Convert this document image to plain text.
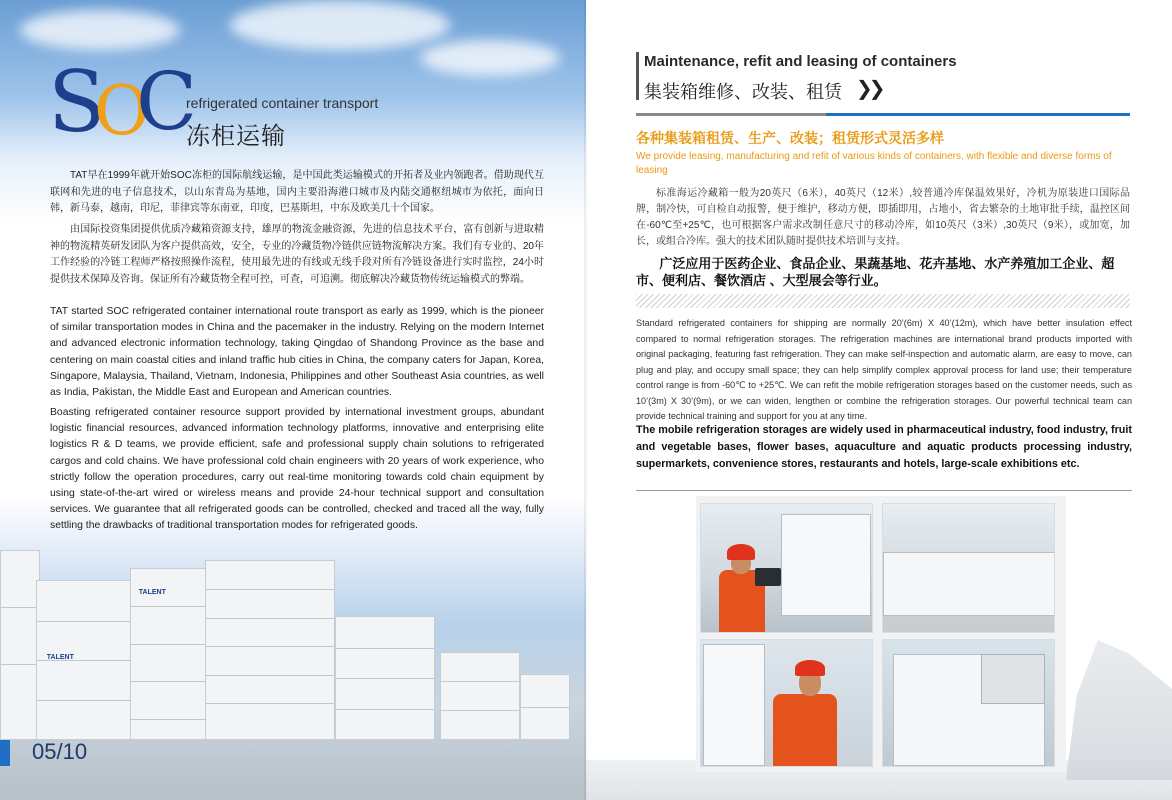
S
O
C
refrigerated container transport
冻柜运输
TAT早在1999年就开始SOC冻柜的国际航线运输，是中国此类运输模式的开拓者及业内领跑者。借助现代互联网和先进的电子信息技术，以山东青岛为基地，国内主要沿海港口城市及内陆交通枢纽城市为依托，面向日韩，新马泰，越南，印尼，菲律宾等东南亚，印度，巴基斯坦，中东及欧美几十个国家。
由国际投资集团提供优质冷藏箱资源支持，雄厚的物流金融资源，先进的信息技术平台，富有创新与进取精神的物流精英研发团队为客户提供高效，安全，专业的冷藏货物冷链供应链物流解决方案。我们有专业的、20年工作经验的冷链工程师严格按照操作流程，使用最先进的有线或无线手段对所有冷链设备进行实时监控，24小时提供技术保障及咨询。保证所有冷藏货物全程可控，可查，可追溯。彻底解决冷藏货物传统运输模式的弊端。
TAT started SOC refrigerated container international route transport as early as 1999, which is the pioneer of similar transportation modes in China and the pacemaker in the industry. Relying on the modern Internet and advanced electronic information technology, taking Qingdao of Shandong Province as the base and centering on main coastal cities and inland traffic hub cities in China, the company caters for Japan, Korea, Singapore, Malaysia, Thailand, Vietnam, Indonesia, Philippines and other Southeast Asia countries, as well as India, Pakistan, the Middle East and European and American countries.
Boasting refrigerated container resource support provided by international investment groups, abundant logistic financial resources, advanced information technology platforms, innovative and enterprising elite logistics R & D teams, we provide efficient, safe and professional supply chain solutions to refrigerated cargos and cold chains. We have professional cold chain engineers with 20 years of work experience, who strictly follow the operation procedures, carry out real-time monitoring towards cold chain equipment by using state-of-the-art wired or wireless means and provide 24-hour technical support and consultation services. We guarantee that all refrigerated goods can be controlled, checked and traced all the way, fully settling the drawbacks of traditional transportation modes for refrigerated goods.
TALENT
TALENT
05/10
Maintenance, refit and leasing of containers
集装箱维修、改装、租赁 ❯❯
各种集装箱租赁、生产、改装；租赁形式灵活多样
We provide leasing, manufacturing and refit of various kinds of containers, with flexible and diverse forms of leasing
标准海运冷藏箱一般为20英尺（6米），40英尺（12米）,较普通冷库保温效果好，冷机为原装进口国际品牌，制冷快，可自检自动报警，便于维护，移动方便，即插即用，占地小，省去繁杂的土地审批手续，温控区间在-60℃至+25℃，也可根据客户需求改制任意尺寸的移动冷库，如10英尺（3米）,30英尺（9米），或加宽，加长，或组合冷库。强大的技术团队随时提供技术培训与支持。
广泛应用于医药企业、食品企业、果蔬基地、花卉基地、水产养殖加工企业、超市、便利店、餐饮酒店 、大型展会等行业。
Standard refrigerated containers for shipping are normally 20’(6m) X 40’(12m), which have better insulation effect compared to normal refrigeration storages. The refrigeration machines are international brand products imported with original packaging, featuring fast refrigeration. They can make self-inspection and automatic alarm, are easy to move, can plug and play, and occupy small space; they can help simplify complex approval process for land use; their temperature control range is from -60℃ to +25℃. We can refit the mobile refrigeration storages based on the customer needs, such as 10’(3m) X 30’(9m), or we can widen, lengthen or combine the refrigeration storages. Our powerful technical team can provide technical training and support for you at any time.
The mobile refrigeration storages are widely used in pharmaceutical industry, food industry, fruit and vegetable bases, flower bases, aquaculture and aquatic products processing industry, supermarkets, convenience stores, restaurants and hotels, large-scale exhibitions etc.
